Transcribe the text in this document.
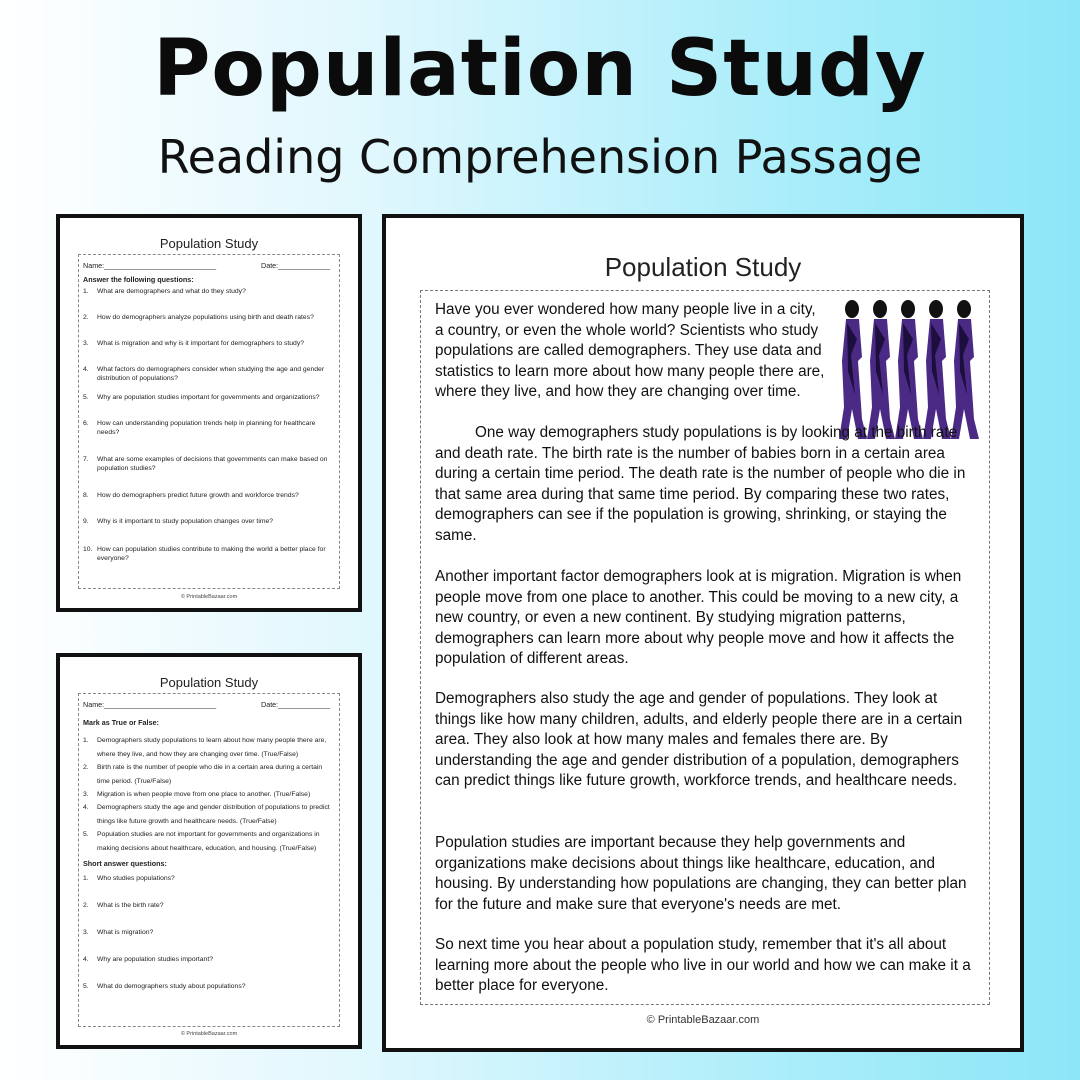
Population Study
Reading Comprehension Passage
Population Study
Name:____________________________	Date:_____________
Answer the following questions:
1.	What are demographers and what do they study?
2.	How do demographers analyze populations using birth and death rates?
3.	What is migration and why is it important for demographers to study?
4.	What factors do demographers consider when studying the age and gender distribution of populations?
5.	Why are population studies important for governments and organizations?
6.	How can understanding population trends help in planning for healthcare needs?
7.	What are some examples of decisions that governments can make based on population studies?
8.	How do demographers predict future growth and workforce trends?
9.	Why is it important to study population changes over time?
10. How can population studies contribute to making the world a better place for everyone?
© PrintableBazaar.com
Population Study
Name:____________________________	Date:_____________
Mark as True or False:
1.	Demographers study populations to learn about how many people there are, where they live, and how they are changing over time. (True/False)
2.	Birth rate is the number of people who die in a certain area during a certain time period. (True/False)
3.	Migration is when people move from one place to another. (True/False)
4.	Demographers study the age and gender distribution of populations to predict things like future growth and healthcare needs. (True/False)
5.	Population studies are not important for governments and organizations in making decisions about healthcare, education, and housing. (True/False)
Short answer questions:
1.	Who studies populations?
2.	What is the birth rate?
3.	What is migration?
4.	Why are population studies important?
5.	What do demographers study about populations?
© PrintableBazaar.com
Population Study

Have you ever wondered how many people live in a city, a country, or even the whole world? Scientists who study populations are called demographers. They use data and statistics to learn more about how many people there are, where they live, and how they are changing over time.

One way demographers study populations is by looking at the birth rate and death rate. The birth rate is the number of babies born in a certain area during a certain time period. The death rate is the number of people who die in that same area during that same time period. By comparing these two rates, demographers can see if the population is growing, shrinking, or staying the same.

Another important factor demographers look at is migration. Migration is when people move from one place to another. This could be moving to a new city, a new country, or even a new continent. By studying migration patterns, demographers can learn more about why people move and how it affects the population of different areas.

Demographers also study the age and gender of populations. They look at things like how many children, adults, and elderly people there are in a certain area. They also look at how many males and females there are. By understanding the age and gender distribution of a population, demographers can predict things like future growth, workforce trends, and healthcare needs.

Population studies are important because they help governments and organizations make decisions about things like healthcare, education, and housing. By understanding how populations are changing, they can better plan for the future and make sure that everyone's needs are met.

So next time you hear about a population study, remember that it's all about learning more about the people who live in our world and how we can make it a better place for everyone.

© PrintableBazaar.com
